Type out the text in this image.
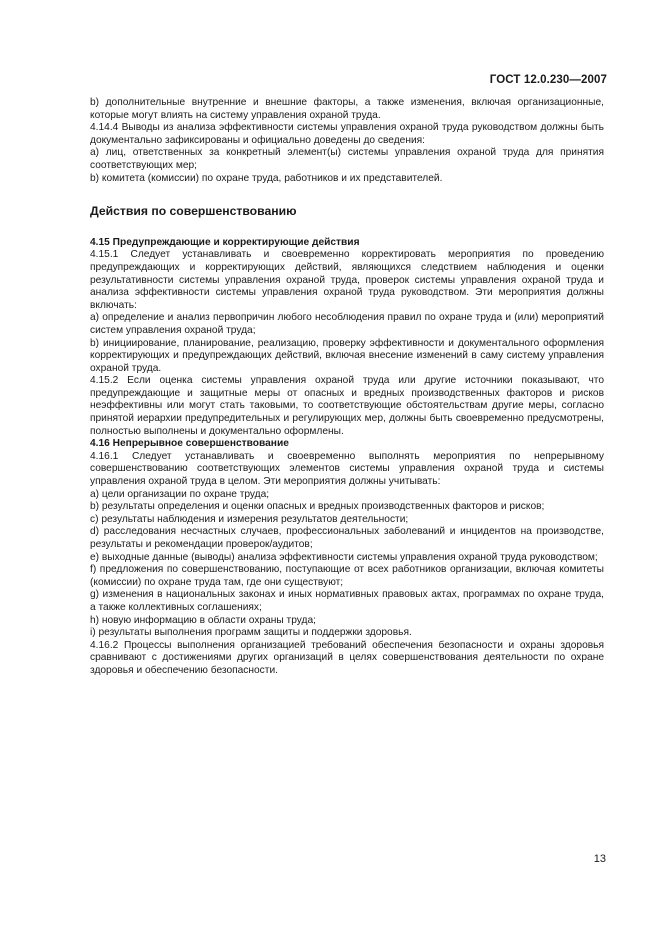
ГОСТ 12.0.230—2007

b) дополнительные внутренние и внешние факторы, а также изменения, включая организационные, которые могут влиять на систему управления охраной труда.

4.14.4 Выводы из анализа эффективности системы управления охраной труда руководством должны быть документально зафиксированы и официально доведены до сведения:

a) лиц, ответственных за конкретный элемент(ы) системы управления охраной труда для принятия соответствующих мер;

b) комитета (комиссии) по охране труда, работников и их представителей.

Действия по совершенствованию

4.15 Предупреждающие и корректирующие действия

4.15.1 Следует устанавливать и своевременно корректировать мероприятия по проведению предупреждающих и корректирующих действий, являющихся следствием наблюдения и оценки результативности системы управления охраной труда, проверок системы управления охраной труда и анализа эффективности системы управления охраной труда руководством. Эти мероприятия должны включать:

a) определение и анализ первопричин любого несоблюдения правил по охране труда и (или) мероприятий систем управления охраной труда;

b) инициирование, планирование, реализацию, проверку эффективности и документального оформления корректирующих и предупреждающих действий, включая внесение изменений в саму систему управления охраной труда.

4.15.2 Если оценка системы управления охраной труда или другие источники показывают, что предупреждающие и защитные меры от опасных и вредных производственных факторов и рисков неэффективны или могут стать таковыми, то соответствующие обстоятельствам другие меры, согласно принятой иерархии предупредительных и регулирующих мер, должны быть своевременно предусмотрены, полностью выполнены и документально оформлены.

4.16 Непрерывное совершенствование

4.16.1 Следует устанавливать и своевременно выполнять мероприятия по непрерывному совершенствованию соответствующих элементов системы управления охраной труда и системы управления охраной труда в целом. Эти мероприятия должны учитывать:

a) цели организации по охране труда;

b) результаты определения и оценки опасных и вредных производственных факторов и рисков;

c) результаты наблюдения и измерения результатов деятельности;

d) расследования несчастных случаев, профессиональных заболеваний и инцидентов на производстве, результаты и рекомендации проверок/аудитов;

e) выходные данные (выводы) анализа эффективности системы управления охраной труда руководством;

f) предложения по совершенствованию, поступающие от всех работников организации, включая комитеты (комиссии) по охране труда там, где они существуют;

g) изменения в национальных законах и иных нормативных правовых актах, программах по охране труда, а также коллективных соглашениях;

h) новую информацию в области охраны труда;

i) результаты выполнения программ защиты и поддержки здоровья.

4.16.2 Процессы выполнения организацией требований обеспечения безопасности и охраны здоровья сравнивают с достижениями других организаций в целях совершенствования деятельности по охране здоровья и обеспечению безопасности.

13
